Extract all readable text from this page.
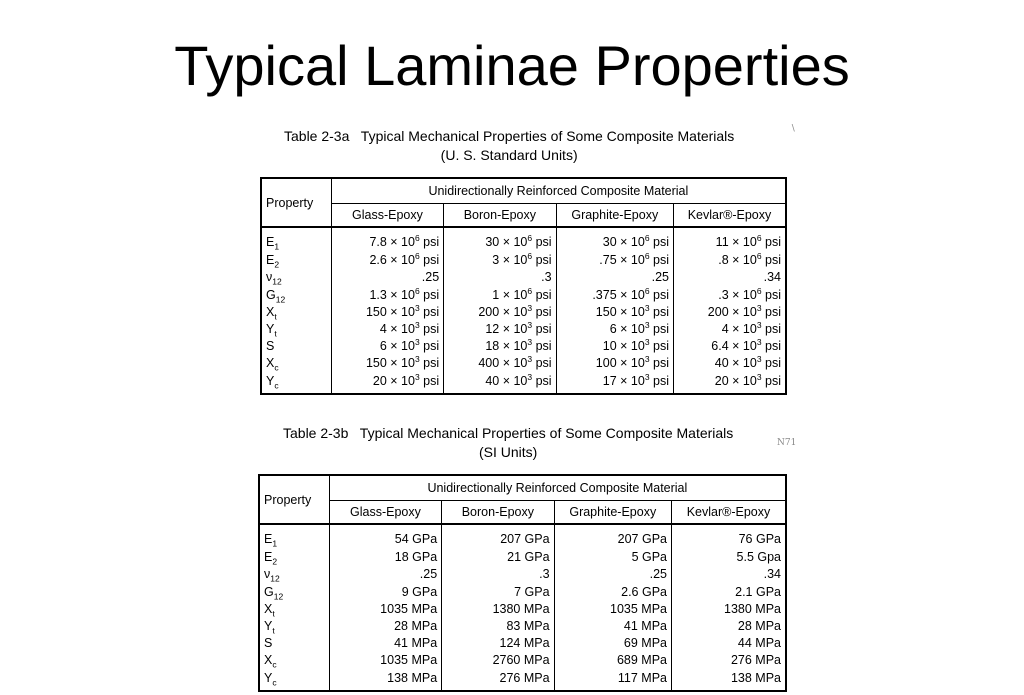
Typical Laminae Properties
Table 2-3a   Typical Mechanical Properties of Some Composite Materials
(U. S. Standard Units)
∖
Property	Unidirectionally Reinforced Composite Material			
	Glass-Epoxy	Boron-Epoxy	Graphite-Epoxy	Kevlar®-Epoxy
$E_1$	$7.8 \times 10^6$ psi	$30 \times 10^6$ psi	$30 \times 10^6$ psi	$11 \times 10^6$ psi
$E_2$	$2.6 \times 10^6$ psi	$3 \times 10^6$ psi	$.75 \times 10^6$ psi	$.8 \times 10^6$ psi
$\nu_{12}$	.25	.3	.25	.34
$G_{12}$	$1.3 \times 10^6$ psi	$1 \times 10^6$ psi	$.375 \times 10^6$ psi	$.3 \times 10^6$ psi
$X_t$	$150 \times 10^3$ psi	$200 \times 10^3$ psi	$150 \times 10^3$ psi	$200 \times 10^3$ psi
$Y_t$	$4 \times 10^3$ psi	$12 \times 10^3$ psi	$6 \times 10^3$ psi	$4 \times 10^3$ psi
S	$6 \times 10^3$ psi	$18 \times 10^3$ psi	$10 \times 10^3$ psi	$6.4 \times 10^3$ psi
$X_c$	$150 \times 10^3$ psi	$400 \times 10^3$ psi	$100 \times 10^3$ psi	$40 \times 10^3$ psi
$Y_c$	$20 \times 10^3$ psi	$40 \times 10^3$ psi	$17 \times 10^3$ psi	$20 \times 10^3$ psi
Table 2-3b   Typical Mechanical Properties of Some Composite Materials
(SI Units)
N71
Property	Unidirectionally Reinforced Composite Material			
	Glass-Epoxy	Boron-Epoxy	Graphite-Epoxy	Kevlar®-Epoxy
$E_1$	54 GPa	207 GPa	207 GPa	76 GPa
$E_2$	18 GPa	21 GPa	5 GPa	5.5 Gpa
$\nu_{12}$	.25	.3	.25	.34
$G_{12}$	9 GPa	7 GPa	2.6 GPa	2.1 GPa
$X_t$	1035 MPa	1380 MPa	1035 MPa	1380 MPa
$Y_t$	28 MPa	83 MPa	41 MPa	28 MPa
S	41 MPa	124 MPa	69 MPa	44 MPa
$X_c$	1035 MPa	2760 MPa	689 MPa	276 MPa
$Y_c$	138 MPa	276 MPa	117 MPa	138 MPa
